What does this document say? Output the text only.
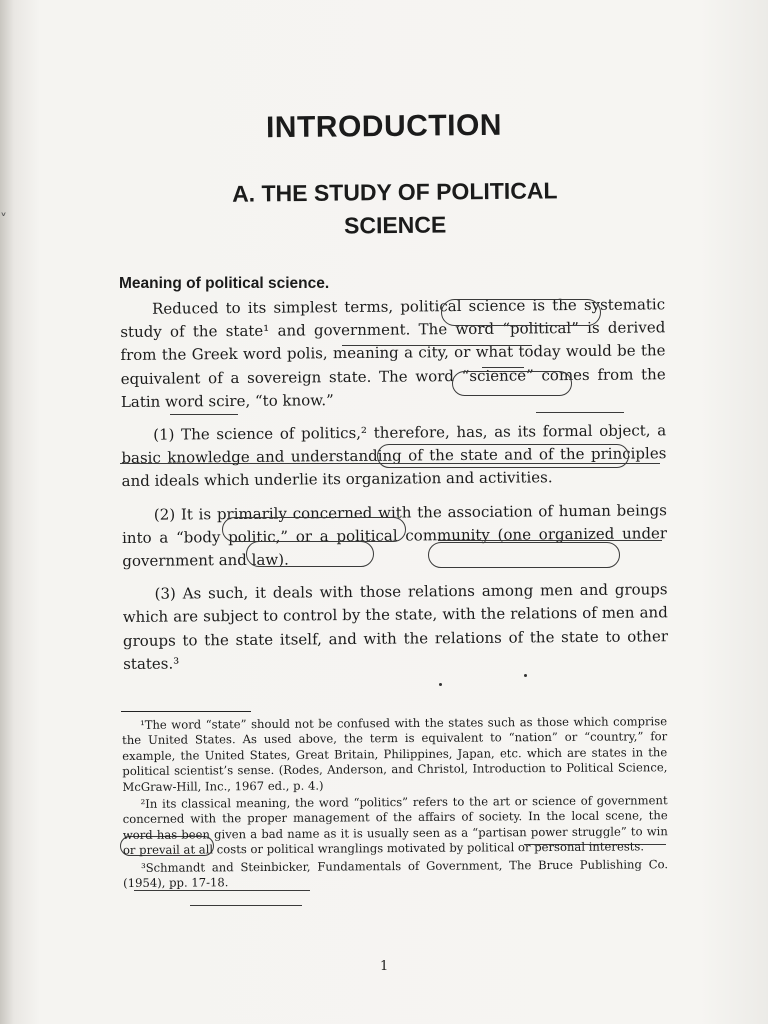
˅
INTRODUCTION
A. THE STUDY OF POLITICAL
SCIENCE
Meaning of political science.

Reduced to its simplest terms, political science is the systematic study of the state¹ and government. The word “political” is derived from the Greek word polis, meaning a city, or what today would be the equivalent of a sovereign state. The word “science” comes from the Latin word scire, “to know.”

(1) The science of politics,² therefore, has, as its formal object, a basic knowledge and understanding of the state and of the principles and ideals which underlie its organization and activities.

(2) It is primarily concerned with the association of human beings into a “body politic,” or a political community (one organized under government and law).

(3) As such, it deals with those relations among men and groups which are subject to control by the state, with the relations of men and groups to the state itself, and with the relations of the state to other states.³

¹The word “state” should not be confused with the states such as those which comprise the United States. As used above, the term is equivalent to “nation” or “country,” for example, the United States, Great Britain, Philippines, Japan, etc. which are states in the political scientist’s sense. (Rodes, Anderson, and Christol, Introduction to Political Science, McGraw-Hill, Inc., 1967 ed., p. 4.)

²In its classical meaning, the word “politics” refers to the art or science of government concerned with the proper management of the affairs of society. In the local scene, the word has been given a bad name as it is usually seen as a “partisan power struggle” to win or prevail at all costs or political wranglings motivated by political or personal interests.

³Schmandt and Steinbicker, Fundamentals of Government, The Bruce Publishing Co. (1954), pp. 17-18.

1
